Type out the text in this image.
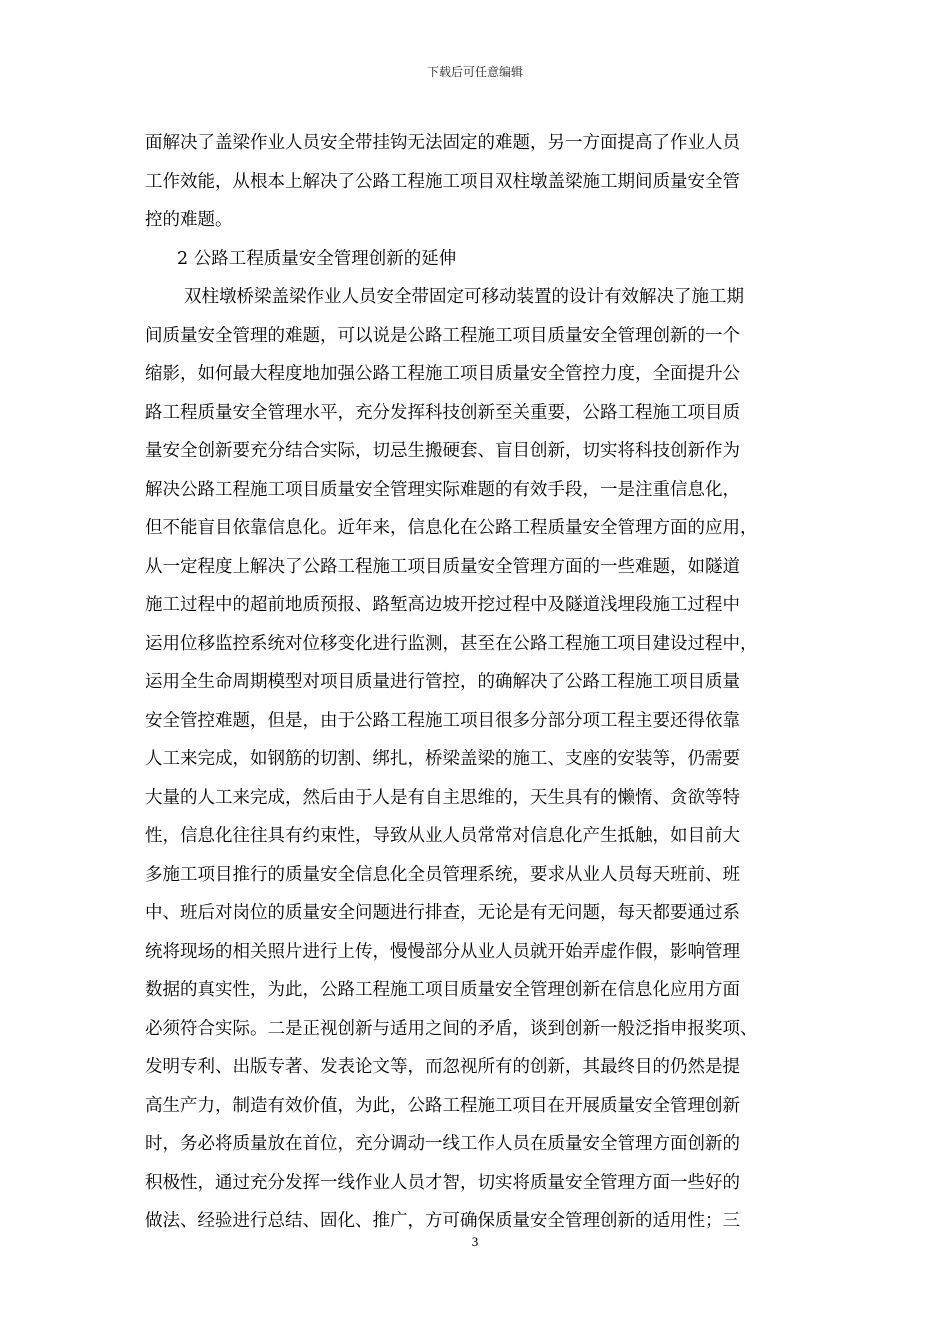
下载后可任意编辑
面解决了盖梁作业人员安全带挂钩无法固定的难题，另一方面提高了作业人员
工作效能，从根本上解决了公路工程施工项目双柱墩盖梁施工期间质量安全管
控的难题。
2 公路工程质量安全管理创新的延伸
双柱墩桥梁盖梁作业人员安全带固定可移动装置的设计有效解决了施工期
间质量安全管理的难题，可以说是公路工程施工项目质量安全管理创新的一个
缩影，如何最大程度地加强公路工程施工项目质量安全管控力度，全面提升公
路工程质量安全管理水平，充分发挥科技创新至关重要，公路工程施工项目质
量安全创新要充分结合实际，切忌生搬硬套、盲目创新，切实将科技创新作为
解决公路工程施工项目质量安全管理实际难题的有效手段，一是注重信息化，
但不能盲目依靠信息化。近年来，信息化在公路工程质量安全管理方面的应用，
从一定程度上解决了公路工程施工项目质量安全管理方面的一些难题，如隧道
施工过程中的超前地质预报、路堑高边坡开挖过程中及隧道浅埋段施工过程中
运用位移监控系统对位移变化进行监测，甚至在公路工程施工项目建设过程中，
运用全生命周期模型对项目质量进行管控，的确解决了公路工程施工项目质量
安全管控难题，但是，由于公路工程施工项目很多分部分项工程主要还得依靠
人工来完成，如钢筋的切割、绑扎，桥梁盖梁的施工、支座的安装等，仍需要
大量的人工来完成，然后由于人是有自主思维的，天生具有的懒惰、贪欲等特
性，信息化往往具有约束性，导致从业人员常常对信息化产生抵触，如目前大
多施工项目推行的质量安全信息化全员管理系统，要求从业人员每天班前、班
中、班后对岗位的质量安全问题进行排查，无论是有无问题，每天都要通过系
统将现场的相关照片进行上传，慢慢部分从业人员就开始弄虚作假，影响管理
数据的真实性，为此，公路工程施工项目质量安全管理创新在信息化应用方面
必须符合实际。二是正视创新与适用之间的矛盾，谈到创新一般泛指申报奖项、
发明专利、出版专著、发表论文等，而忽视所有的创新，其最终目的仍然是提
高生产力，制造有效价值，为此，公路工程施工项目在开展质量安全管理创新
时，务必将质量放在首位，充分调动一线工作人员在质量安全管理方面创新的
积极性，通过充分发挥一线作业人员才智，切实将质量安全管理方面一些好的
做法、经验进行总结、固化、推广，方可确保质量安全管理创新的适用性；三
3
